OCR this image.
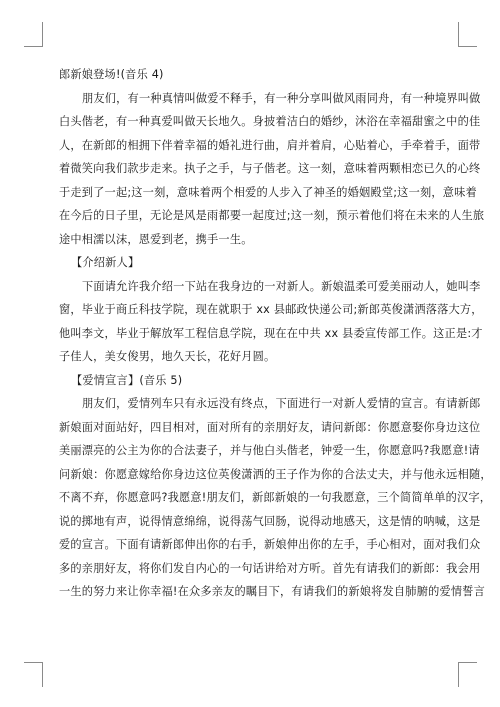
郎新娘登场!(音乐 4)
朋友们，有一种真情叫做爱不释手，有一种分享叫做风雨同舟，有一种境界叫做
白头偕老，有一种真爱叫做天长地久。身披着洁白的婚纱，沐浴在幸福甜蜜之中的佳
人，在新郎的相拥下伴着幸福的婚礼进行曲，肩并着肩，心贴着心，手牵着手，面带
着微笑向我们款步走来。执子之手，与子偕老。这一刻，意味着两颗相恋已久的心终
于走到了一起;这一刻，意味着两个相爱的人步入了神圣的婚姻殿堂;这一刻，意味着
在今后的日子里，无论是风是雨都要一起度过;这一刻，预示着他们将在未来的人生旅
途中相濡以沫，恩爱到老，携手一生。
【介绍新人】
下面请允许我介绍一下站在我身边的一对新人。新娘温柔可爱美丽动人，她叫李
窗，毕业于商丘科技学院，现在就职于 xx 县邮政快递公司;新郎英俊潇洒落落大方，
他叫李文，毕业于解放军工程信息学院，现在在中共 xx 县委宣传部工作。这正是:才
子佳人，美女俊男，地久天长，花好月圆。
【爱情宣言】(音乐 5)
朋友们，爱情列车只有永远没有终点，下面进行一对新人爱情的宣言。有请新郎
新娘面对面站好，四目相对，面对所有的亲朋好友，请问新郎：你愿意娶你身边这位
美丽漂亮的公主为你的合法妻子，并与他白头偕老，钟爱一生，你愿意吗?我愿意!请
问新娘：你愿意嫁给你身边这位英俊潇洒的王子作为你的合法丈夫，并与他永远相随，
不离不弃，你愿意吗?我愿意!朋友们，新郎新娘的一句我愿意，三个简简单单的汉字，
说的掷地有声，说得情意绵绵，说得荡气回肠，说得动地感天，这是情的呐喊，这是
爱的宣言。下面有请新郎伸出你的右手，新娘伸出你的左手，手心相对，面对我们众
多的亲朋好友，将你们发自内心的一句话讲给对方听。首先有请我们的新郎：我会用
一生的努力来让你幸福!在众多亲友的瞩目下，有请我们的新娘将发自肺腑的爱情誓言
